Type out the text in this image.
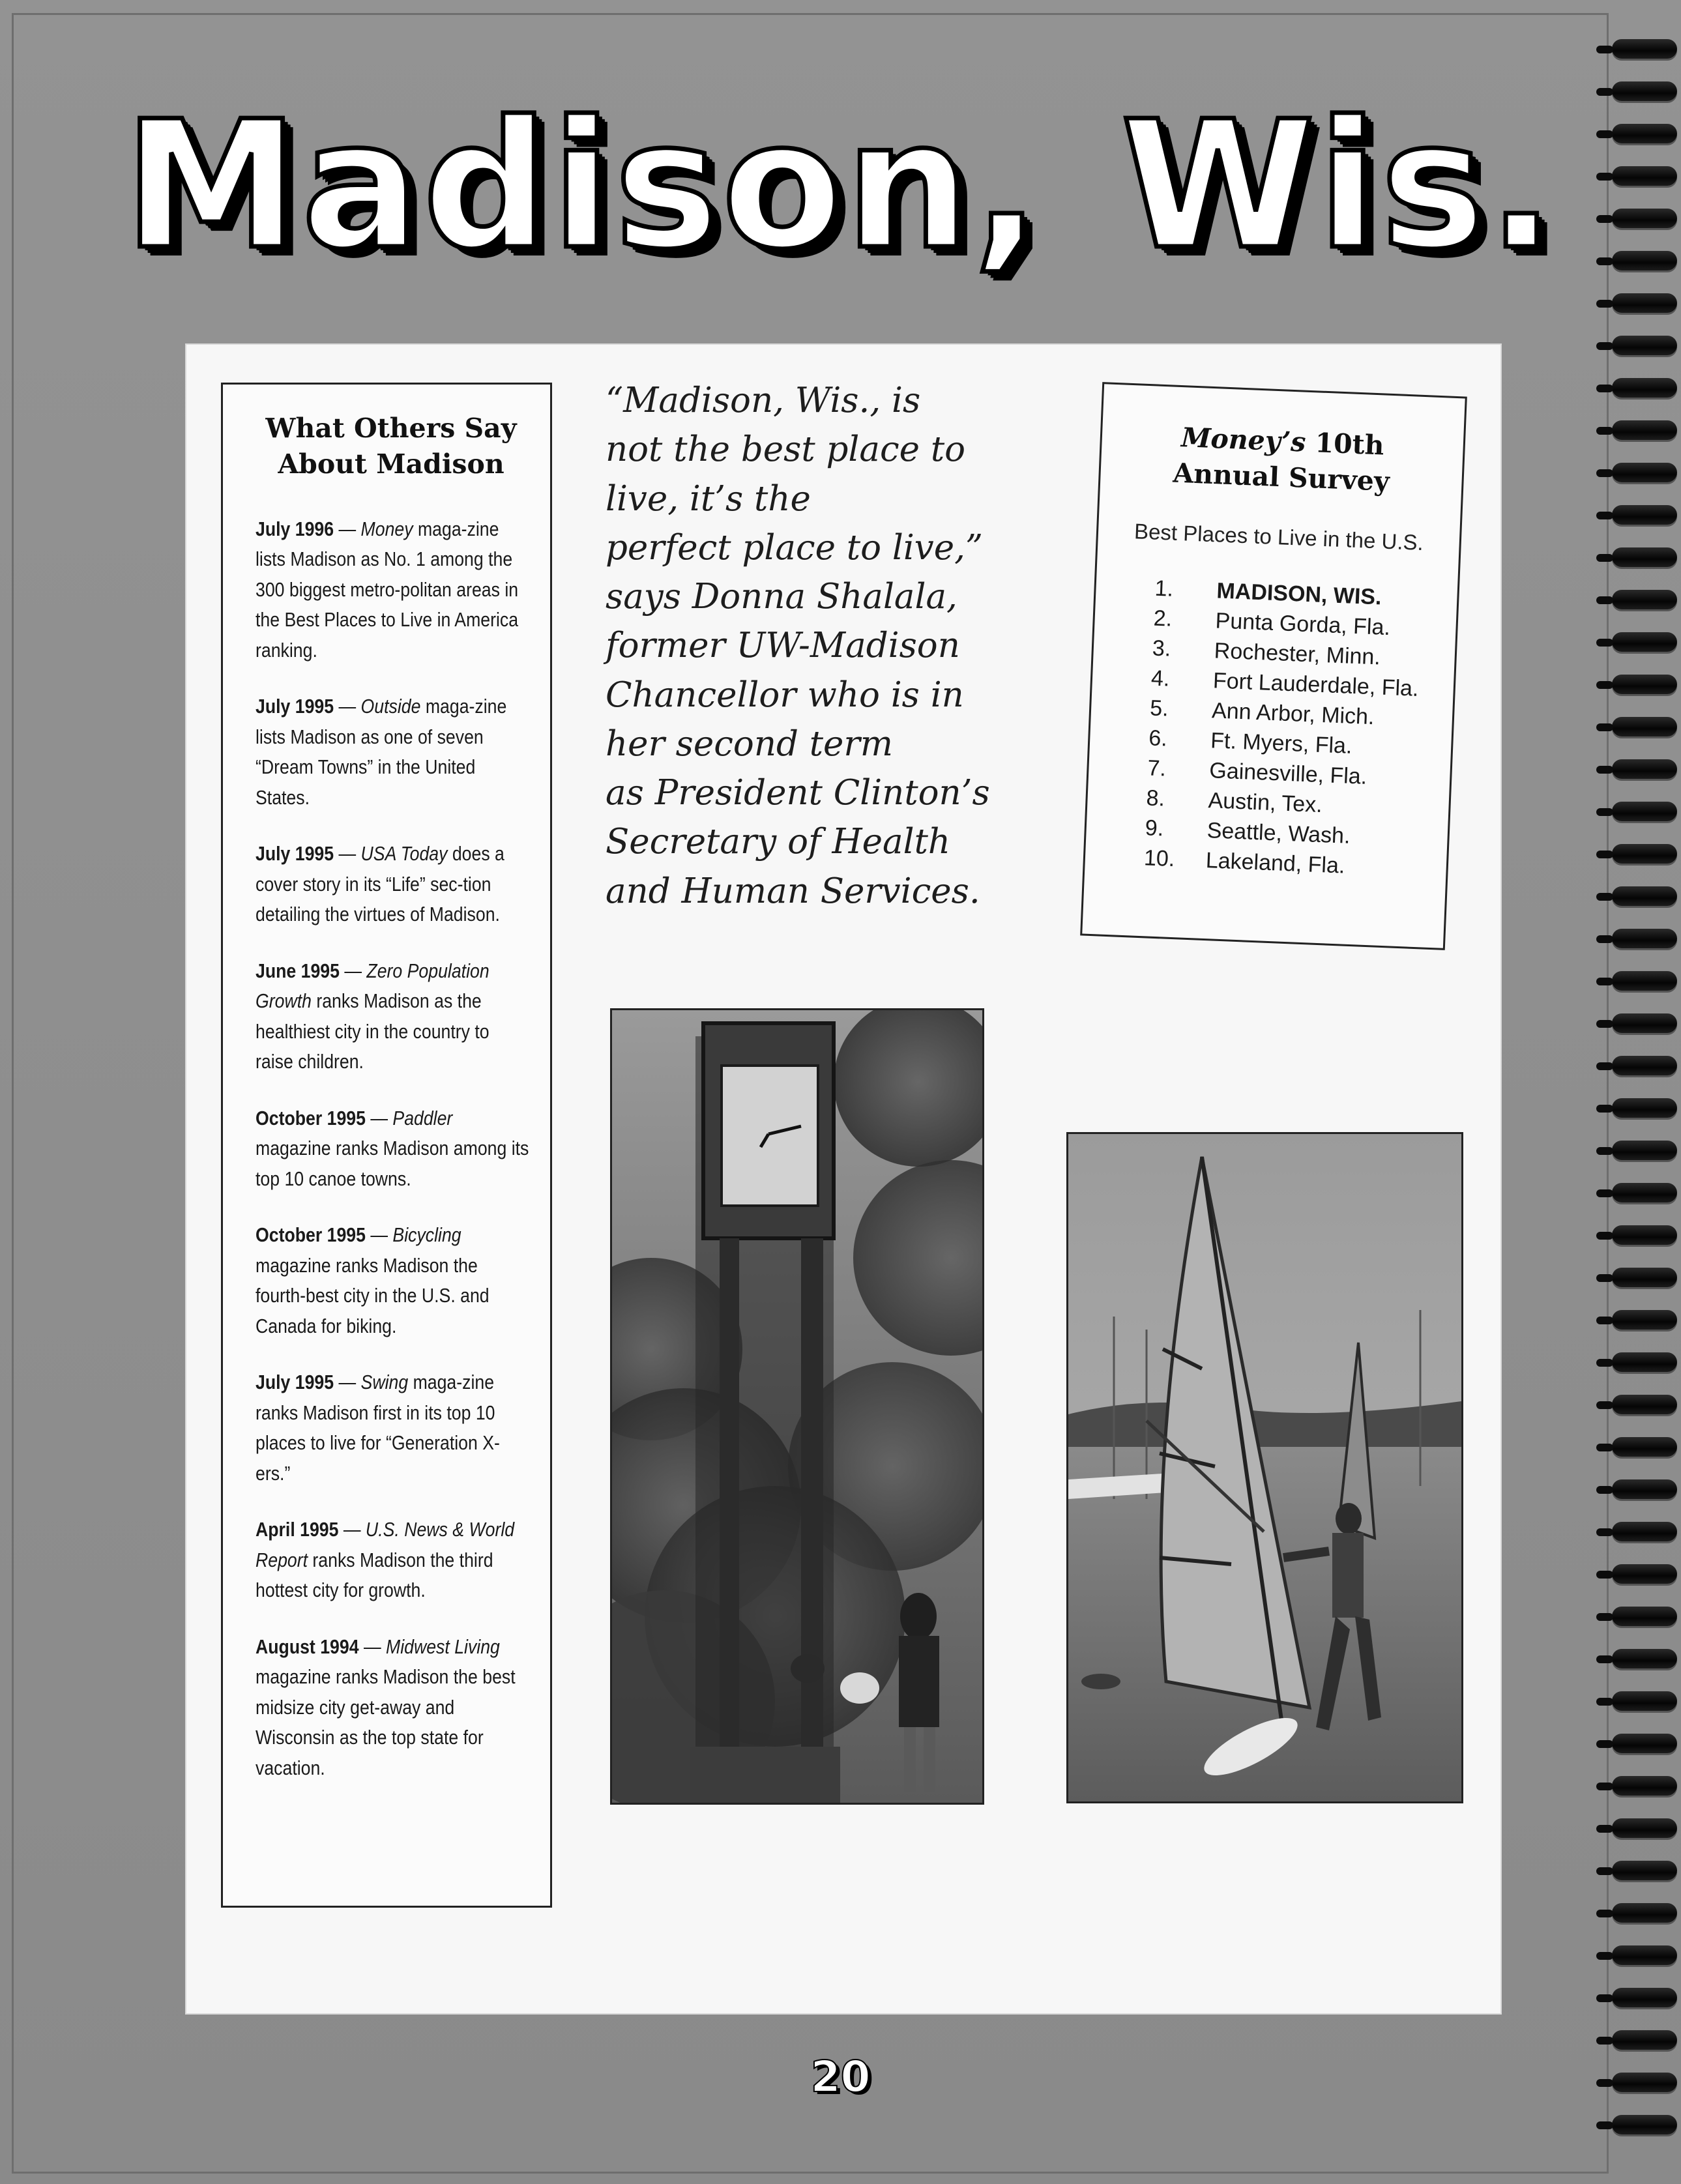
Madison, Wis.
What Others Say
About Madison

July 1996 — Money maga-zine lists Madison as No. 1 among the 300 biggest metro-politan areas in the Best Places to Live in America ranking.

July 1995 — Outside maga-zine lists Madison as one of seven “Dream Towns” in the United States.

July 1995 — USA Today does a cover story in its “Life” sec-tion detailing the virtues of Madison.

June 1995 — Zero Population Growth ranks Madison as the healthiest city in the country to raise children.

October 1995 — Paddler magazine ranks Madison among its top 10 canoe towns.

October 1995 — Bicycling magazine ranks Madison the fourth-best city in the U.S. and Canada for biking.

July 1995 — Swing maga-zine ranks Madison first in its top 10 places to live for “Generation X-ers.”

April 1995 — U.S. News & World Report ranks Madison the third hottest city for growth.

August 1994 — Midwest Living magazine ranks Madison the best midsize city get-away and Wisconsin as the top state for vacation.

“Madison, Wis., is
not the best place to
live, it’s the
perfect place to live,”
says Donna Shalala,
former UW-Madison
Chancellor who is in
her second term
as President Clinton’s
Secretary of Health
and Human Services.
Money’s 10th
Annual Survey
Best Places to Live in the U.S.
1.	MADISON, WIS.
2.	Punta Gorda, Fla.
3.	Rochester, Minn.
4.	Fort Lauderdale, Fla.
5.	Ann Arbor, Mich.
6.	Ft. Myers, Fla.
7.	Gainesville, Fla.
8.	Austin, Tex.
9.	Seattle, Wash.
10.	Lakeland, Fla.
20
